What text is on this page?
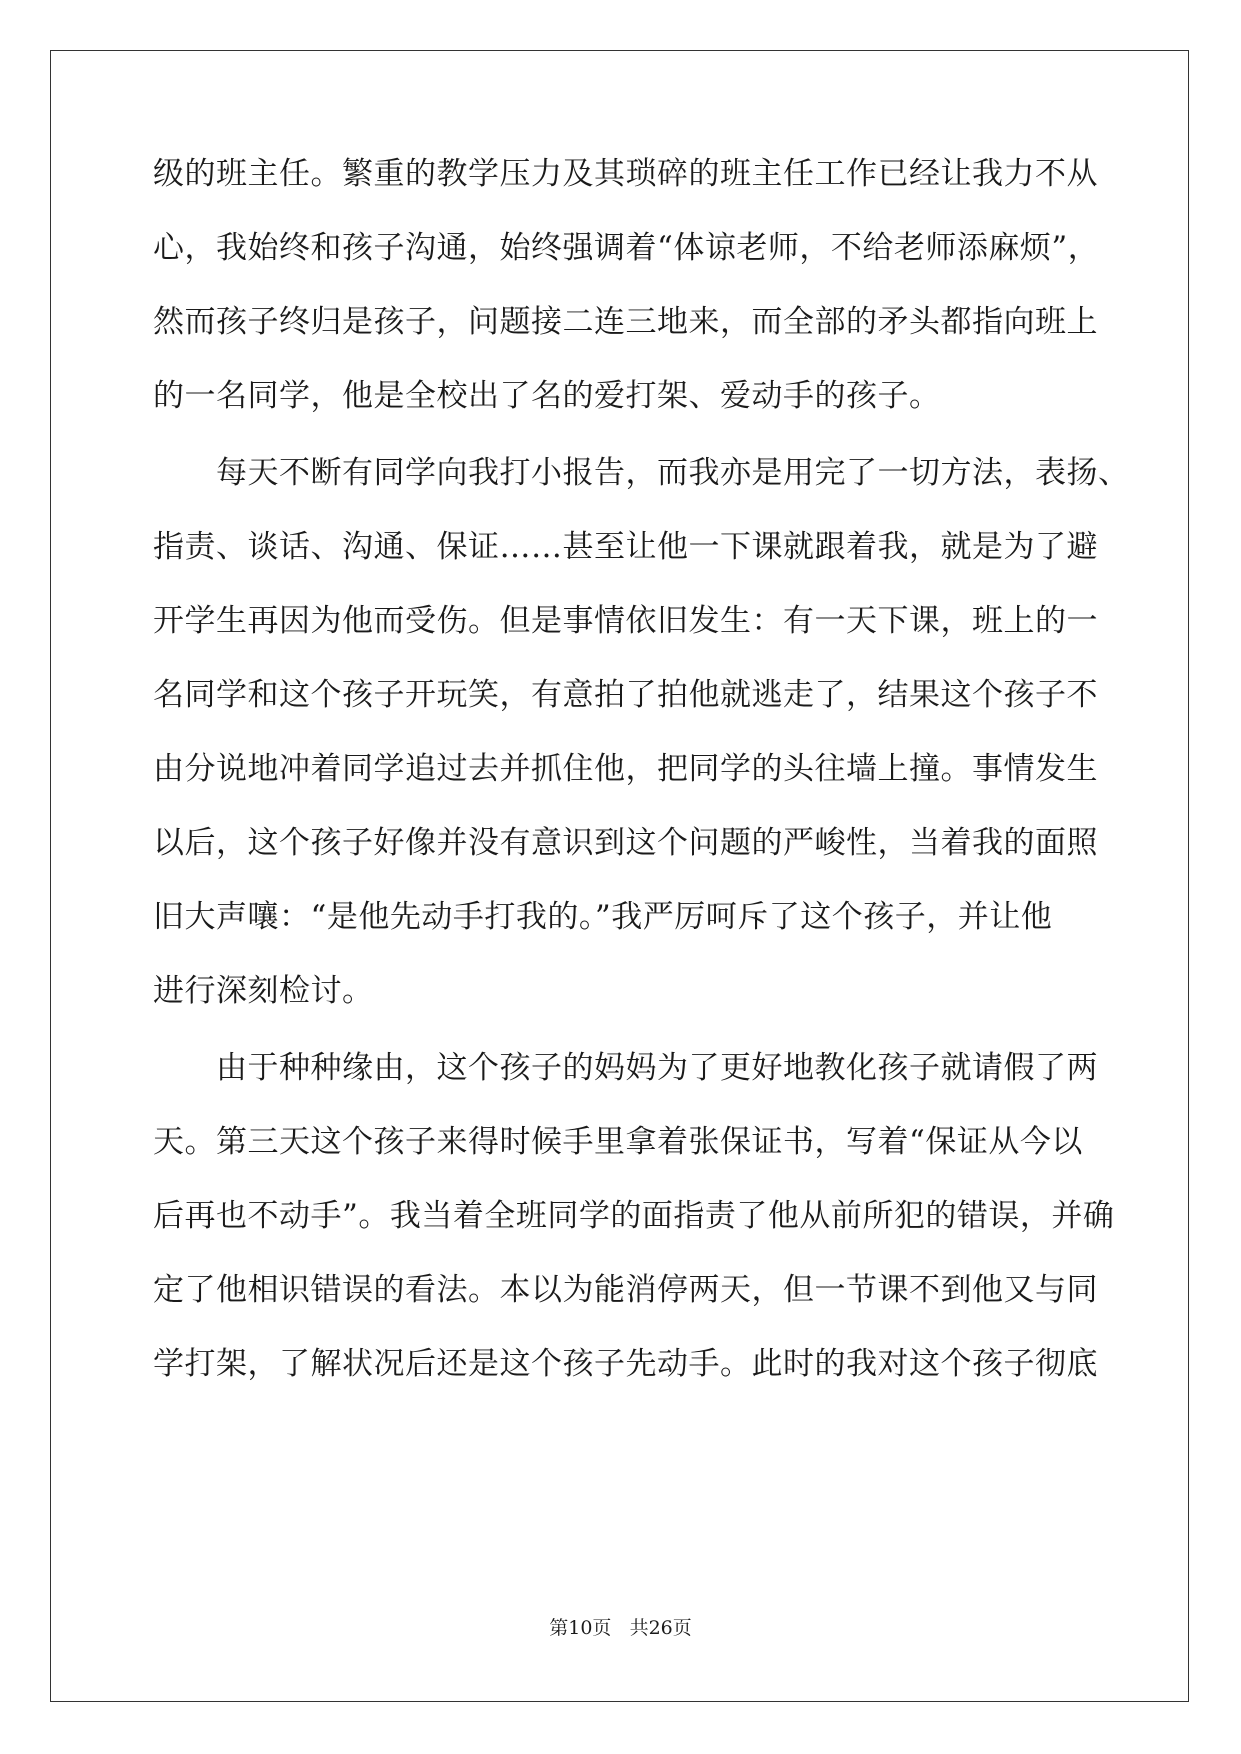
级的班主任。繁重的教学压力及其琐碎的班主任工作已经让我力不从
心，我始终和孩子沟通，始终强调着“体谅老师，不给老师添麻烦”，
然而孩子终归是孩子，问题接二连三地来，而全部的矛头都指向班上
的一名同学，他是全校出了名的爱打架、爱动手的孩子。
每天不断有同学向我打小报告，而我亦是用完了一切方法，表扬、
指责、谈话、沟通、保证……甚至让他一下课就跟着我，就是为了避
开学生再因为他而受伤。但是事情依旧发生：有一天下课，班上的一
名同学和这个孩子开玩笑，有意拍了拍他就逃走了，结果这个孩子不
由分说地冲着同学追过去并抓住他，把同学的头往墙上撞。事情发生
以后，这个孩子好像并没有意识到这个问题的严峻性，当着我的面照
旧大声嚷：“是他先动手打我的。”我严厉呵斥了这个孩子，并让他
进行深刻检讨。
由于种种缘由，这个孩子的妈妈为了更好地教化孩子就请假了两
天。第三天这个孩子来得时候手里拿着张保证书，写着“保证从今以
后再也不动手”。我当着全班同学的面指责了他从前所犯的错误，并确
定了他相识错误的看法。本以为能消停两天，但一节课不到他又与同
学打架，了解状况后还是这个孩子先动手。此时的我对这个孩子彻底
第10页 共26页
